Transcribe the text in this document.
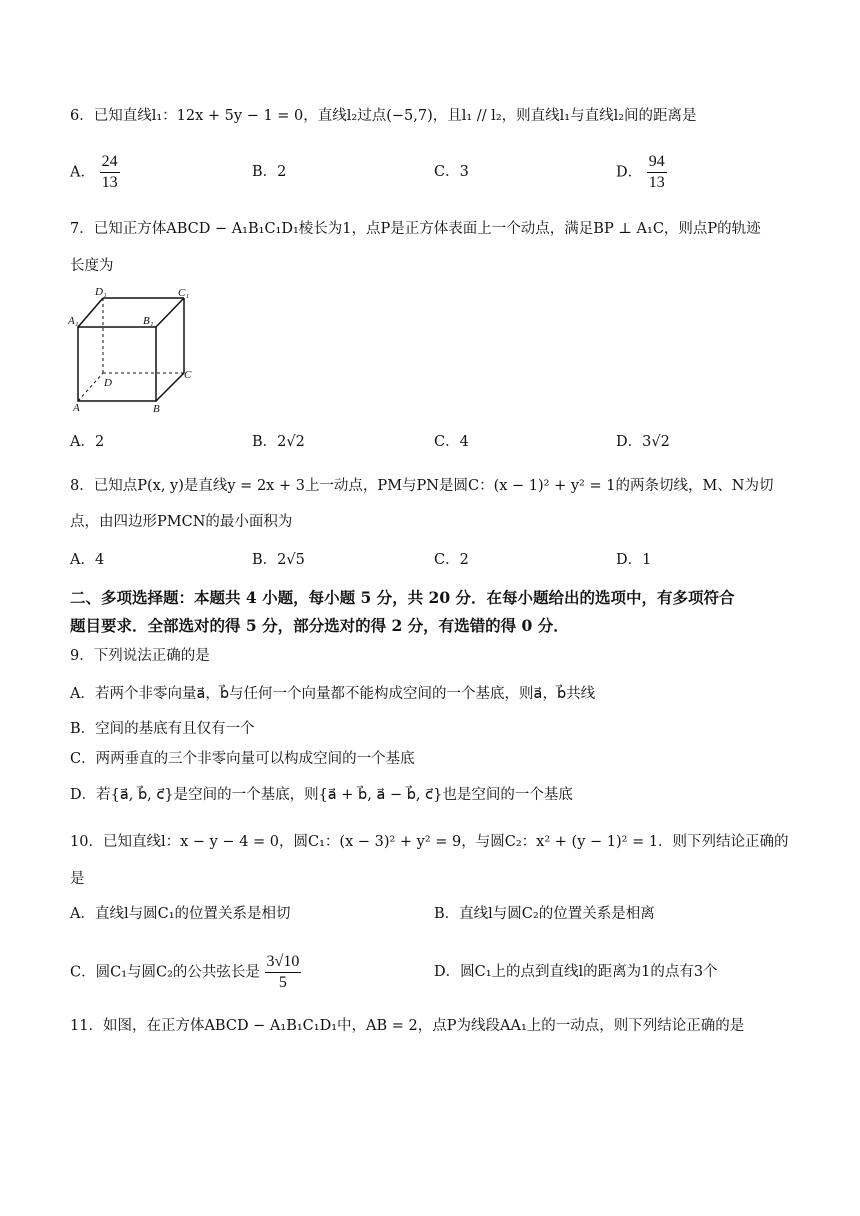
6．已知直线l₁：12x + 5y − 1 = 0，直线l₂过点(−5,7)，且l₁ // l₂，则直线l₁与直线l₂间的距离是
A． $\frac{24}{13}$	B．2	C．3	D． $\frac{94}{13}$
7．已知正方体ABCD − A₁B₁C₁D₁棱长为1，点P是正方体表面上一个动点，满足BP ⊥ A₁C，则点P的轨迹
长度为
D₁	C₁
A₁	B₁
D
C
A	B
A．2	B．2√2	C．4	D．3√2
8．已知点P(x, y)是直线y = 2x + 3上一动点，PM与PN是圆C：(x − 1)² + y² = 1的两条切线，M、N为切
点，由四边形PMCN的最小面积为
A．4	B．2√5	C．2	D．1
二、多项选择题：本题共 4 小题，每小题 5 分，共 20 分．在每小题给出的选项中，有多项符合
题目要求．全部选对的得 5 分，部分选对的得 2 分，有选错的得 0 分．
9．下列说法正确的是
A．若两个非零向量a⃗，b⃗与任何一个向量都不能构成空间的一个基底，则a⃗，b⃗共线
B．空间的基底有且仅有一个
C．两两垂直的三个非零向量可以构成空间的一个基底
D．若{a⃗, b⃗, c⃗}是空间的一个基底，则{a⃗ + b⃗, a⃗ − b⃗, c⃗}也是空间的一个基底
10．已知直线l：x − y − 4 = 0，圆C₁：(x − 3)² + y² = 9，与圆C₂：x² + (y − 1)² = 1．则下列结论正确的
是
A．直线l与圆C₁的位置关系是相切	B．直线l与圆C₂的位置关系是相离
C．圆C₁与圆C₂的公共弦长是 $\frac{3√10}{5}$	D．圆C₁上的点到直线l的距离为1的点有3个
11．如图，在正方体ABCD − A₁B₁C₁D₁中，AB = 2，点P为线段AA₁上的一动点，则下列结论正确的是
